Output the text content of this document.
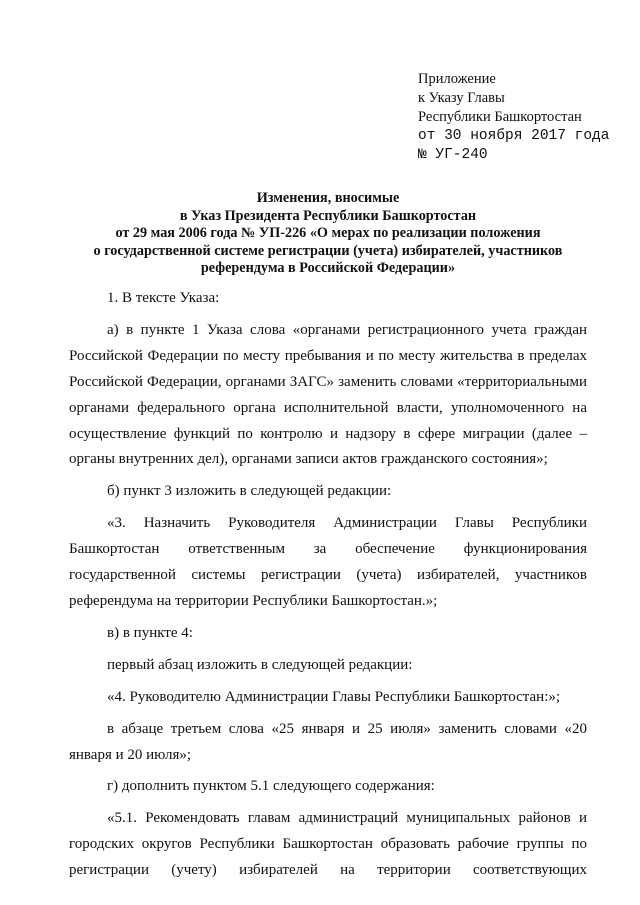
Приложение
к Указу Главы
Республики Башкортостан
от 30 ноября 2017 года
№ УГ-240
Изменения, вносимые
в Указ Президента Республики Башкортостан
от 29 мая 2006 года № УП-226 «О мерах по реализации положения
о государственной системе регистрации (учета) избирателей, участников
референдума в Российской Федерации»
1. В тексте Указа:
а) в пункте 1 Указа слова «органами регистрационного учета граждан Российской Федерации по месту пребывания и по месту жительства в пределах Российской Федерации, органами ЗАГС» заменить словами «территориальными органами федерального органа исполнительной власти, уполномоченного на осуществление функций по контролю и надзору в сфере миграции (далее – органы внутренних дел), органами записи актов гражданского состояния»;
б) пункт 3 изложить в следующей редакции:
«3. Назначить Руководителя Администрации Главы Республики Башкортостан ответственным за обеспечение функционирования государственной системы регистрации (учета) избирателей, участников референдума на территории Республики Башкортостан.»;
в) в пункте 4:
первый абзац изложить в следующей редакции:
«4. Руководителю Администрации Главы Республики Башкортостан:»;
в абзаце третьем слова «25 января и 25 июля» заменить словами «20 января и 20 июля»;
г) дополнить пунктом 5.1 следующего содержания:
«5.1. Рекомендовать главам администраций муниципальных районов и городских округов Республики Башкортостан образовать рабочие группы по регистрации (учету) избирателей на территории соответствующих
